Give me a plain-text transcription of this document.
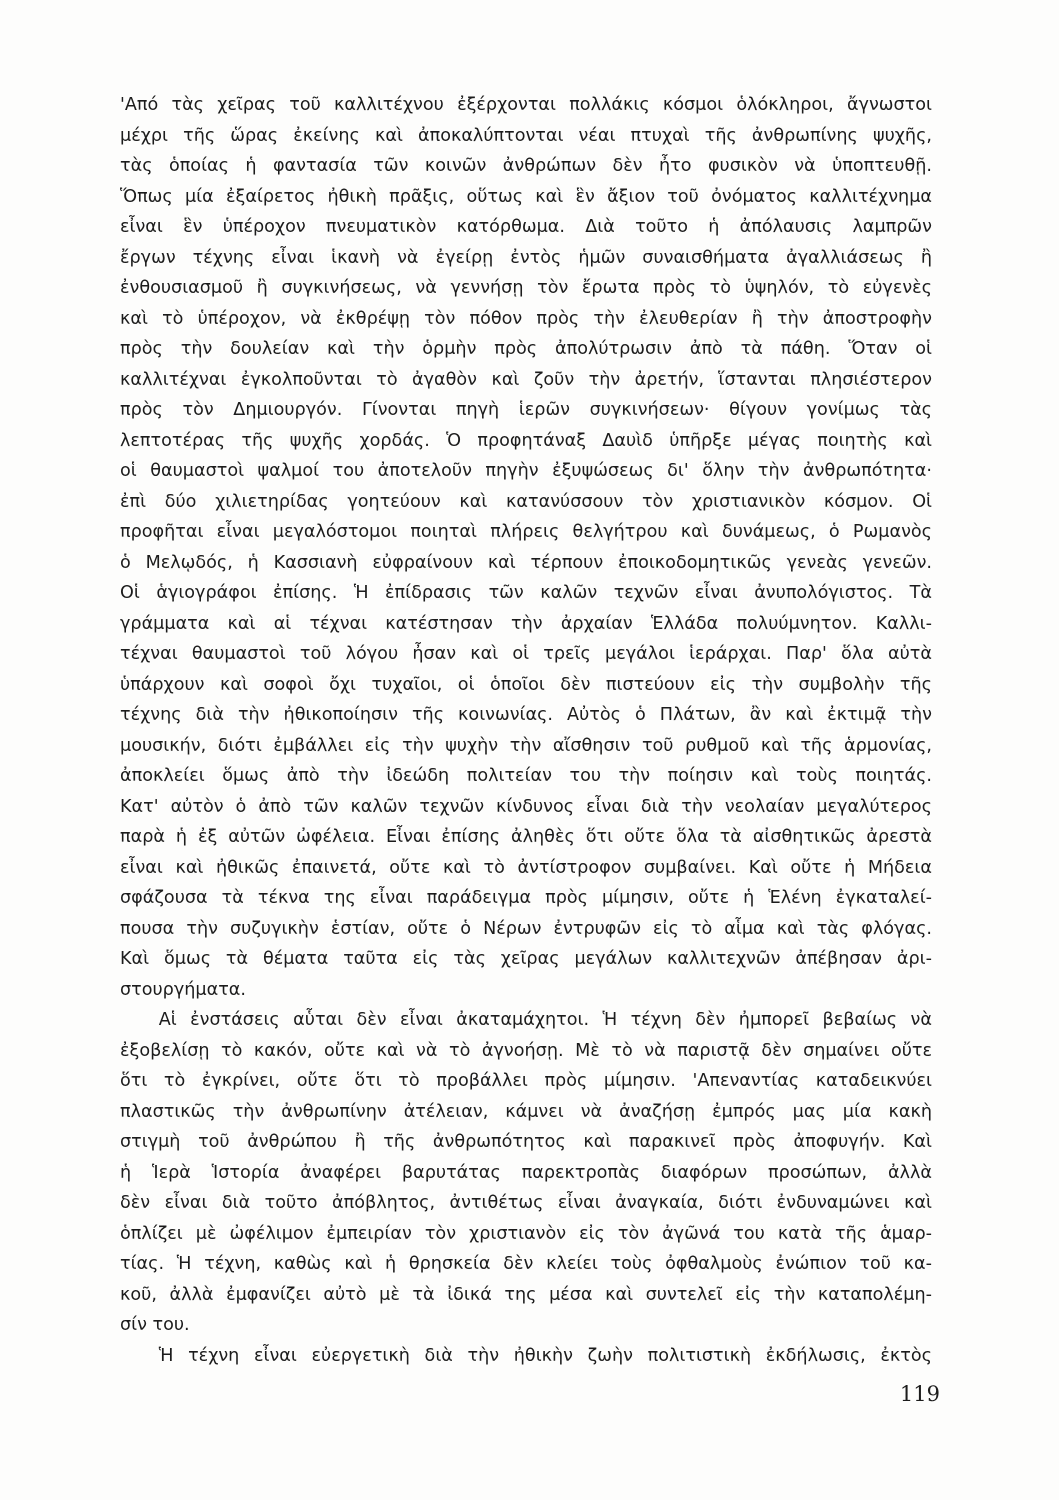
'Από τὰς χεῖρας τοῦ καλλιτέχνου ἐξέρχονται πολλάκις κόσμοι ὁλόκληροι, ἄγνωστοι
μέχρι τῆς ὥρας ἐκείνης καὶ ἀποκαλύπτονται νέαι πτυχαὶ τῆς ἀνθρωπίνης ψυχῆς,
τὰς ὁποίας ἡ φαντασία τῶν κοινῶν ἀνθρώπων δὲν ἦτο φυσικὸν νὰ ὑποπτευθῇ.
Ὅπως μία ἐξαίρετος ἠθικὴ πρᾶξις, οὕτως καὶ ἓν ἄξιον τοῦ ὀνόματος καλλιτέχνημα
εἶναι ἓν ὑπέροχον πνευματικὸν κατόρθωμα. Διὰ τοῦτο ἡ ἀπόλαυσις λαμπρῶν
ἔργων τέχνης εἶναι ἱκανὴ νὰ ἐγείρῃ ἐντὸς ἡμῶν συναισθήματα ἀγαλλιάσεως ἢ
ἐνθουσιασμοῦ ἢ συγκινήσεως, νὰ γεννήσῃ τὸν ἔρωτα πρὸς τὸ ὑψηλόν, τὸ εὐγενὲς
καὶ τὸ ὑπέροχον, νὰ ἐκθρέψῃ τὸν πόθον πρὸς τὴν ἐλευθερίαν ἢ τὴν ἀποστροφὴν
πρὸς τὴν δουλείαν καὶ τὴν ὁρμὴν πρὸς ἀπολύτρωσιν ἀπὸ τὰ πάθη. Ὅταν οἱ
καλλιτέχναι ἐγκολποῦνται τὸ ἀγαθὸν καὶ ζοῦν τὴν ἀρετήν, ἵστανται πλησιέστερον
πρὸς τὸν Δημιουργόν. Γίνονται πηγὴ ἱερῶν συγκινήσεων· θίγουν γονίμως τὰς
λεπτοτέρας τῆς ψυχῆς χορδάς. Ὁ προφητάναξ Δαυὶδ ὑπῆρξε μέγας ποιητὴς καὶ
οἱ θαυμαστοὶ ψαλμοί του ἀποτελοῦν πηγὴν ἐξυψώσεως δι' ὅλην τὴν ἀνθρωπότητα·
ἐπὶ δύο χιλιετηρίδας γοητεύουν καὶ κατανύσσουν τὸν χριστιανικὸν κόσμον. Οἱ
προφῆται εἶναι μεγαλόστομοι ποιηταὶ πλήρεις θελγήτρου καὶ δυνάμεως, ὁ Ρωμανὸς
ὁ Μελῳδός, ἡ Κασσιανὴ εὐφραίνουν καὶ τέρπουν ἐποικοδομητικῶς γενεὰς γενεῶν.
Οἱ ἁγιογράφοι ἐπίσης. Ἡ ἐπίδρασις τῶν καλῶν τεχνῶν εἶναι ἀνυπολόγιστος. Τὰ
γράμματα καὶ αἱ τέχναι κατέστησαν τὴν ἀρχαίαν Ἑλλάδα πολυύμνητον. Καλλι-
τέχναι θαυμαστοὶ τοῦ λόγου ἦσαν καὶ οἱ τρεῖς μεγάλοι ἱεράρχαι. Παρ' ὅλα αὐτὰ
ὑπάρχουν καὶ σοφοὶ ὄχι τυχαῖοι, οἱ ὁποῖοι δὲν πιστεύουν εἰς τὴν συμβολὴν τῆς
τέχνης διὰ τὴν ἠθικοποίησιν τῆς κοινωνίας. Αὐτὸς ὁ Πλάτων, ἂν καὶ ἐκτιμᾷ τὴν
μουσικήν, διότι ἐμβάλλει εἰς τὴν ψυχὴν τὴν αἴσθησιν τοῦ ρυθμοῦ καὶ τῆς ἁρμονίας,
ἀποκλείει ὅμως ἀπὸ τὴν ἰδεώδη πολιτείαν του τὴν ποίησιν καὶ τοὺς ποιητάς.
Κατ' αὐτὸν ὁ ἀπὸ τῶν καλῶν τεχνῶν κίνδυνος εἶναι διὰ τὴν νεολαίαν μεγαλύτερος
παρὰ ἡ ἐξ αὐτῶν ὠφέλεια. Εἶναι ἐπίσης ἀληθὲς ὅτι οὔτε ὅλα τὰ αἰσθητικῶς ἀρεστὰ
εἶναι καὶ ἠθικῶς ἐπαινετά, οὔτε καὶ τὸ ἀντίστροφον συμβαίνει. Καὶ οὔτε ἡ Μήδεια
σφάζουσα τὰ τέκνα της εἶναι παράδειγμα πρὸς μίμησιν, οὔτε ἡ Ἑλένη ἐγκαταλεί-
πουσα τὴν συζυγικὴν ἑστίαν, οὔτε ὁ Νέρων ἐντρυφῶν εἰς τὸ αἷμα καὶ τὰς φλόγας.
Καὶ ὅμως τὰ θέματα ταῦτα εἰς τὰς χεῖρας μεγάλων καλλιτεχνῶν ἀπέβησαν ἀρι-
στουργήματα.
Αἱ ἐνστάσεις αὗται δὲν εἶναι ἀκαταμάχητοι. Ἡ τέχνη δὲν ἠμπορεῖ βεβαίως νὰ
ἐξοβελίσῃ τὸ κακόν, οὔτε καὶ νὰ τὸ ἀγνοήσῃ. Μὲ τὸ νὰ παριστᾷ δὲν σημαίνει οὔτε
ὅτι τὸ ἐγκρίνει, οὔτε ὅτι τὸ προβάλλει πρὸς μίμησιν. 'Απεναντίας καταδεικνύει
πλαστικῶς τὴν ἀνθρωπίνην ἀτέλειαν, κάμνει νὰ ἀναζήσῃ ἐμπρός μας μία κακὴ
στιγμὴ τοῦ ἀνθρώπου ἢ τῆς ἀνθρωπότητος καὶ παρακινεῖ πρὸς ἀποφυγήν. Καὶ
ἡ Ἱερὰ Ἱστορία ἀναφέρει βαρυτάτας παρεκτροπὰς διαφόρων προσώπων, ἀλλὰ
δὲν εἶναι διὰ τοῦτο ἀπόβλητος, ἀντιθέτως εἶναι ἀναγκαία, διότι ἐνδυναμώνει καὶ
ὁπλίζει μὲ ὠφέλιμον ἐμπειρίαν τὸν χριστιανὸν εἰς τὸν ἀγῶνά του κατὰ τῆς ἁμαρ-
τίας. Ἡ τέχνη, καθὼς καὶ ἡ θρησκεία δὲν κλείει τοὺς ὀφθαλμοὺς ἐνώπιον τοῦ κα-
κοῦ, ἀλλὰ ἐμφανίζει αὐτὸ μὲ τὰ ἰδικά της μέσα καὶ συντελεῖ εἰς τὴν καταπολέμη-
σίν του.
Ἡ τέχνη εἶναι εὐεργετικὴ διὰ τὴν ἠθικὴν ζωὴν πολιτιστικὴ ἐκδήλωσις, ἐκτὸς
119
